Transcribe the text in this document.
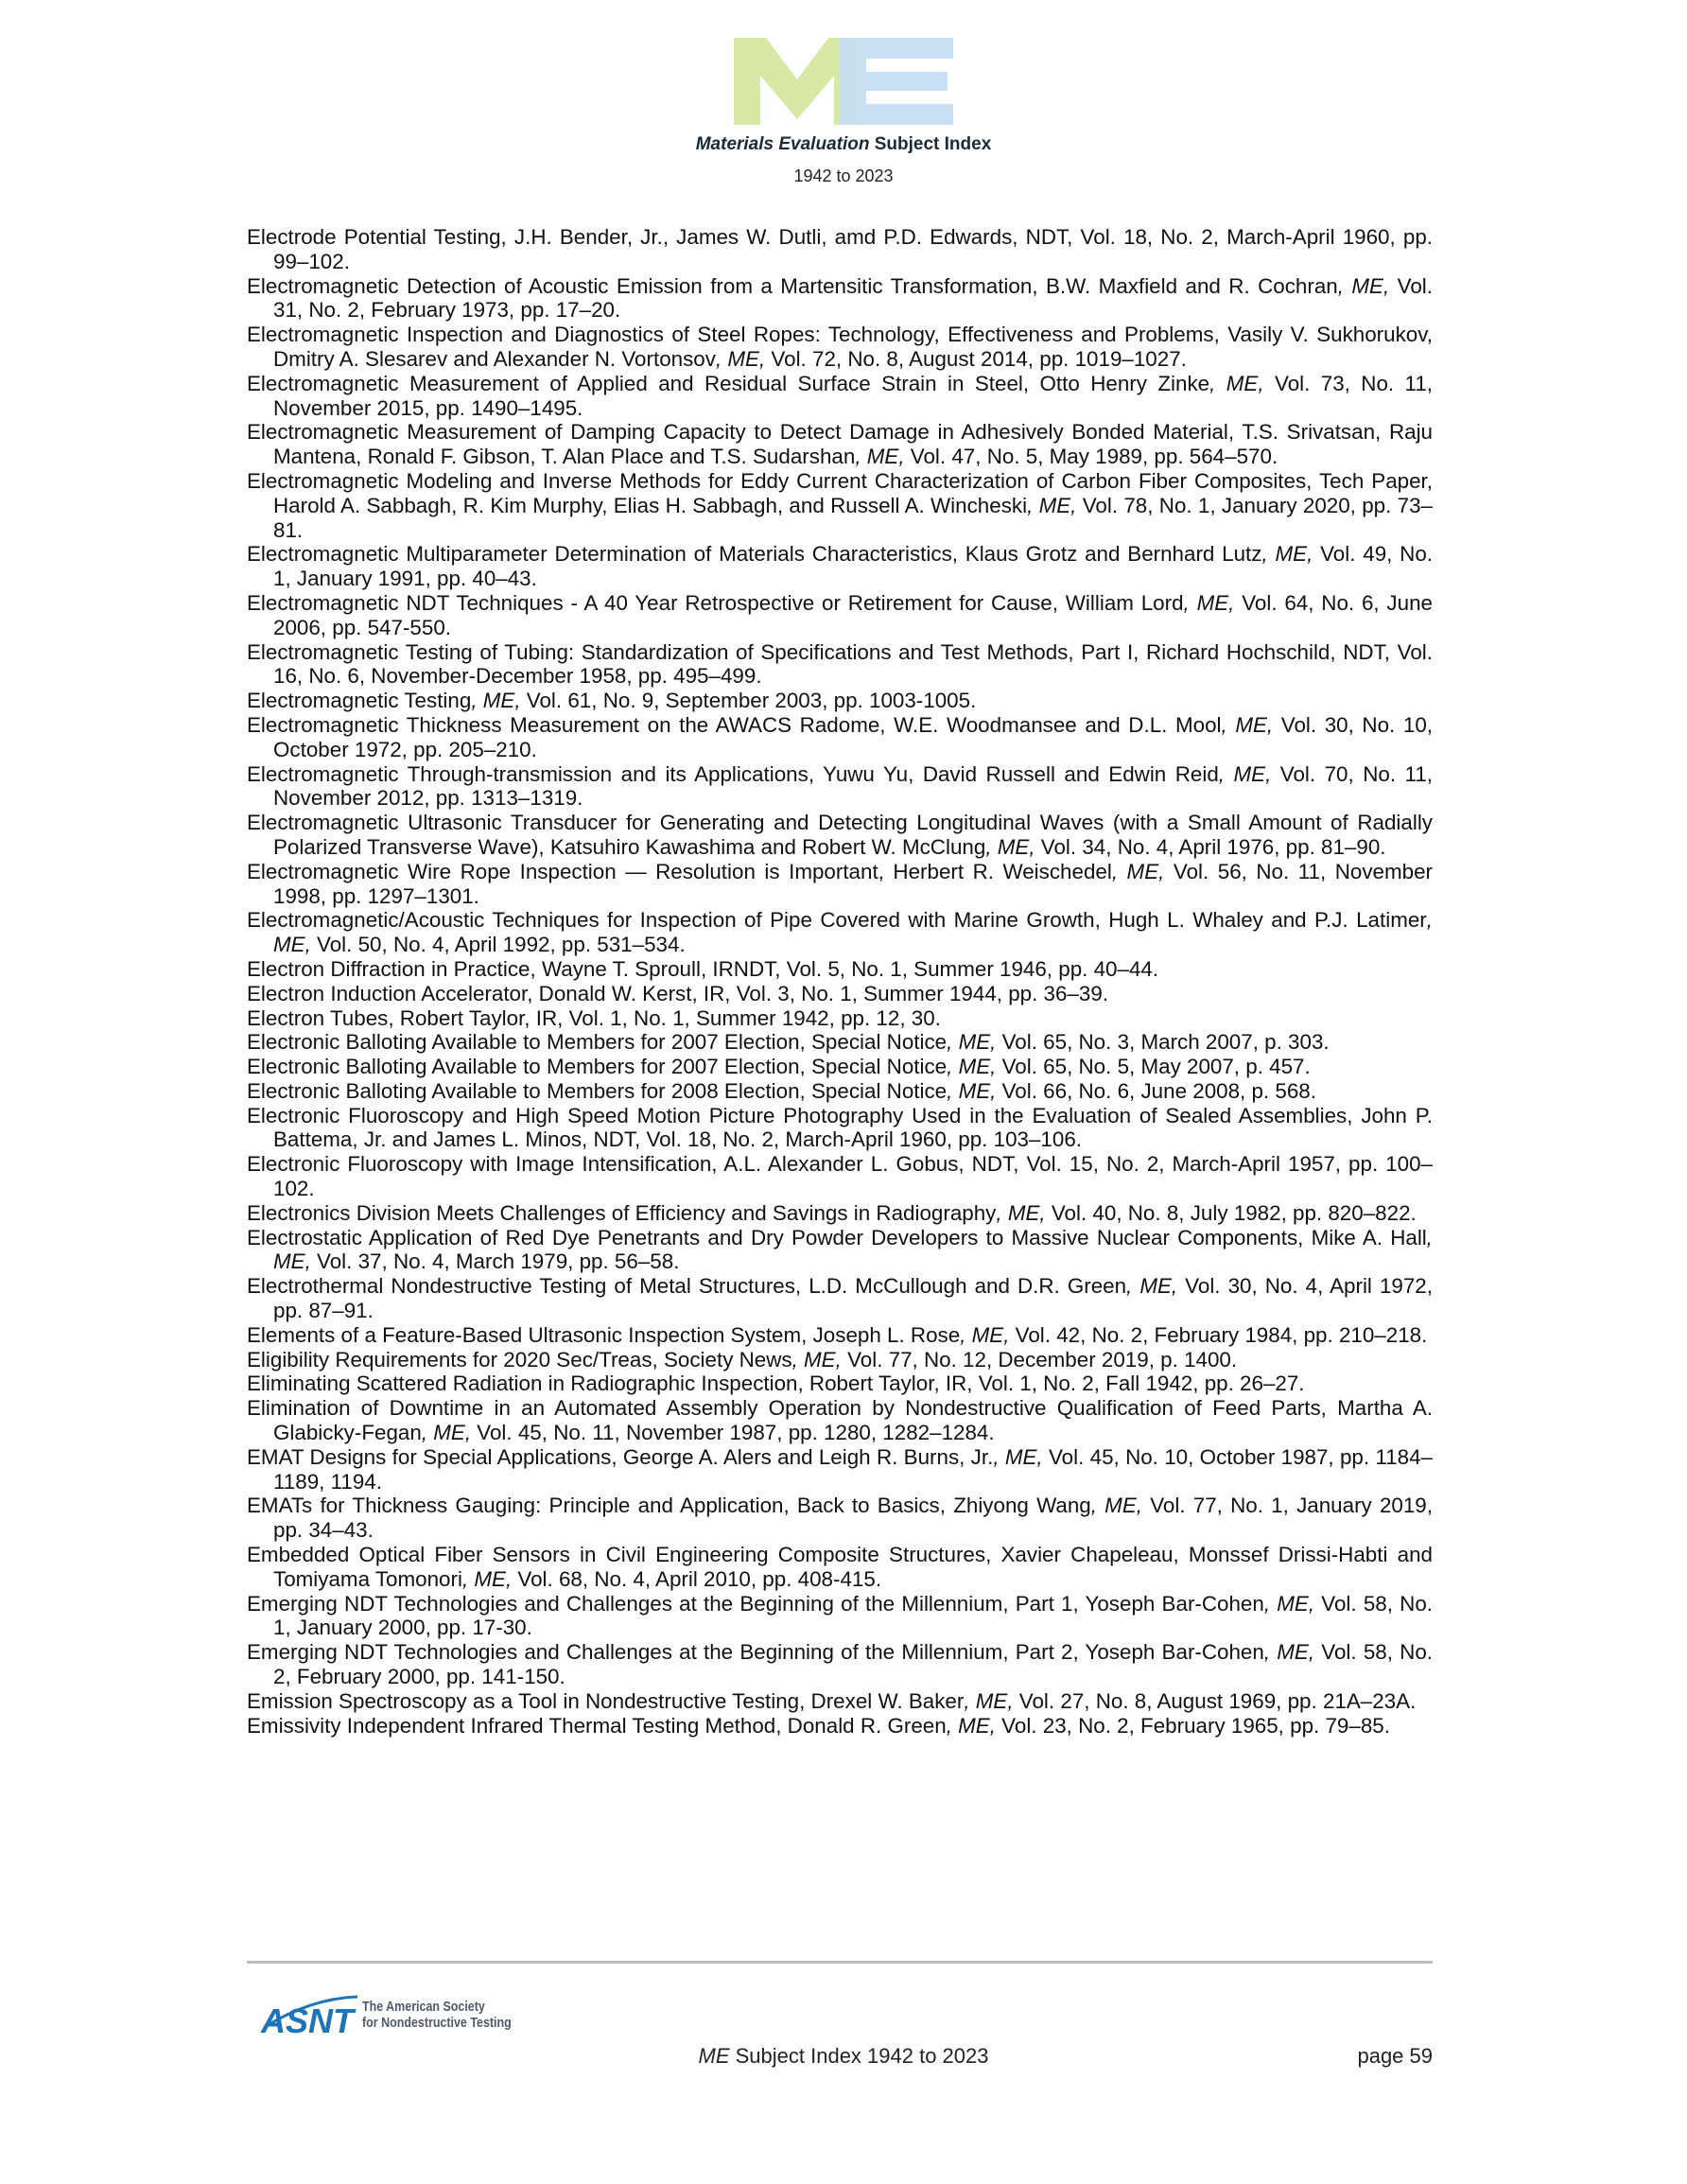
Materials Evaluation Subject Index
1942 to 2023

Electrode Potential Testing, J.H. Bender, Jr., James W. Dutli, amd P.D. Edwards, NDT, Vol. 18, No. 2, March-April 1960, pp. 99–102.

Electromagnetic Detection of Acoustic Emission from a Martensitic Transformation, B.W. Maxfield and R. Cochran, ME, Vol. 31, No. 2, February 1973, pp. 17–20.

Electromagnetic Inspection and Diagnostics of Steel Ropes: Technology, Effectiveness and Problems, Vasily V. Sukhorukov, Dmitry A. Slesarev and Alexander N. Vortonsov, ME, Vol. 72, No. 8, August 2014, pp. 1019–1027.

Electromagnetic Measurement of Applied and Residual Surface Strain in Steel, Otto Henry Zinke, ME, Vol. 73, No. 11, November 2015, pp. 1490–1495.

Electromagnetic Measurement of Damping Capacity to Detect Damage in Adhesively Bonded Material, T.S. Srivatsan, Raju Mantena, Ronald F. Gibson, T. Alan Place and T.S. Sudarshan, ME, Vol. 47, No. 5, May 1989, pp. 564–570.

Electromagnetic Modeling and Inverse Methods for Eddy Current Characterization of Carbon Fiber Composites, Tech Paper, Harold A. Sabbagh, R. Kim Murphy, Elias H. Sabbagh, and Russell A. Wincheski, ME, Vol. 78, No. 1, January 2020, pp. 73–81.

Electromagnetic Multiparameter Determination of Materials Characteristics, Klaus Grotz and Bernhard Lutz, ME, Vol. 49, No. 1, January 1991, pp. 40–43.

Electromagnetic NDT Techniques - A 40 Year Retrospective or Retirement for Cause, William Lord, ME, Vol. 64, No. 6, June 2006, pp. 547-550.

Electromagnetic Testing of Tubing: Standardization of Specifications and Test Methods, Part I, Richard Hochschild, NDT, Vol. 16, No. 6, November-December 1958, pp. 495–499.

Electromagnetic Testing, ME, Vol. 61, No. 9, September 2003, pp. 1003-1005.

Electromagnetic Thickness Measurement on the AWACS Radome, W.E. Woodmansee and D.L. Mool, ME, Vol. 30, No. 10, October 1972, pp. 205–210.

Electromagnetic Through-transmission and its Applications, Yuwu Yu, David Russell and Edwin Reid, ME, Vol. 70, No. 11, November 2012, pp. 1313–1319.

Electromagnetic Ultrasonic Transducer for Generating and Detecting Longitudinal Waves (with a Small Amount of Radially Polarized Transverse Wave), Katsuhiro Kawashima and Robert W. McClung, ME, Vol. 34, No. 4, April 1976, pp. 81–90.

Electromagnetic Wire Rope Inspection — Resolution is Important, Herbert R. Weischedel, ME, Vol. 56, No. 11, November 1998, pp. 1297–1301.

Electromagnetic/Acoustic Techniques for Inspection of Pipe Covered with Marine Growth, Hugh L. Whaley and P.J. Latimer, ME, Vol. 50, No. 4, April 1992, pp. 531–534.

Electron Diffraction in Practice, Wayne T. Sproull, IRNDT, Vol. 5, No. 1, Summer 1946, pp. 40–44.

Electron Induction Accelerator, Donald W. Kerst, IR, Vol. 3, No. 1, Summer 1944, pp. 36–39.

Electron Tubes, Robert Taylor, IR, Vol. 1, No. 1, Summer 1942, pp. 12, 30.

Electronic Balloting Available to Members for 2007 Election, Special Notice, ME, Vol. 65, No. 3, March 2007, p. 303.

Electronic Balloting Available to Members for 2007 Election, Special Notice, ME, Vol. 65, No. 5, May 2007, p. 457.

Electronic Balloting Available to Members for 2008 Election, Special Notice, ME, Vol. 66, No. 6, June 2008, p. 568.

Electronic Fluoroscopy and High Speed Motion Picture Photography Used in the Evaluation of Sealed Assemblies, John P. Battema, Jr. and James L. Minos, NDT, Vol. 18, No. 2, March-April 1960, pp. 103–106.

Electronic Fluoroscopy with Image Intensification, A.L. Alexander L. Gobus, NDT, Vol. 15, No. 2, March-April 1957, pp. 100–102.

Electronics Division Meets Challenges of Efficiency and Savings in Radiography, ME, Vol. 40, No. 8, July 1982, pp. 820–822.

Electrostatic Application of Red Dye Penetrants and Dry Powder Developers to Massive Nuclear Components, Mike A. Hall, ME, Vol. 37, No. 4, March 1979, pp. 56–58.

Electrothermal Nondestructive Testing of Metal Structures, L.D. McCullough and D.R. Green, ME, Vol. 30, No. 4, April 1972, pp. 87–91.

Elements of a Feature-Based Ultrasonic Inspection System, Joseph L. Rose, ME, Vol. 42, No. 2, February 1984, pp. 210–218.

Eligibility Requirements for 2020 Sec/Treas, Society News, ME, Vol. 77, No. 12, December 2019, p. 1400.

Eliminating Scattered Radiation in Radiographic Inspection, Robert Taylor, IR, Vol. 1, No. 2, Fall 1942, pp. 26–27.

Elimination of Downtime in an Automated Assembly Operation by Nondestructive Qualification of Feed Parts, Martha A. Glabicky-Fegan, ME, Vol. 45, No. 11, November 1987, pp. 1280, 1282–1284.

EMAT Designs for Special Applications, George A. Alers and Leigh R. Burns, Jr., ME, Vol. 45, No. 10, October 1987, pp. 1184–1189, 1194.

EMATs for Thickness Gauging: Principle and Application, Back to Basics, Zhiyong Wang, ME, Vol. 77, No. 1, January 2019, pp. 34–43.

Embedded Optical Fiber Sensors in Civil Engineering Composite Structures, Xavier Chapeleau, Monssef Drissi-Habti and Tomiyama Tomonori, ME, Vol. 68, No. 4, April 2010, pp. 408-415.

Emerging NDT Technologies and Challenges at the Beginning of the Millennium, Part 1, Yoseph Bar-Cohen, ME, Vol. 58, No. 1, January 2000, pp. 17-30.

Emerging NDT Technologies and Challenges at the Beginning of the Millennium, Part 2, Yoseph Bar-Cohen, ME, Vol. 58, No. 2, February 2000, pp. 141-150.

Emission Spectroscopy as a Tool in Nondestructive Testing, Drexel W. Baker, ME, Vol. 27, No. 8, August 1969, pp. 21A–23A.

Emissivity Independent Infrared Thermal Testing Method, Donald R. Green, ME, Vol. 23, No. 2, February 1965, pp. 79–85.

ASNT The American Society
for Nondestructive Testing
ME Subject Index 1942 to 2023	page 59
